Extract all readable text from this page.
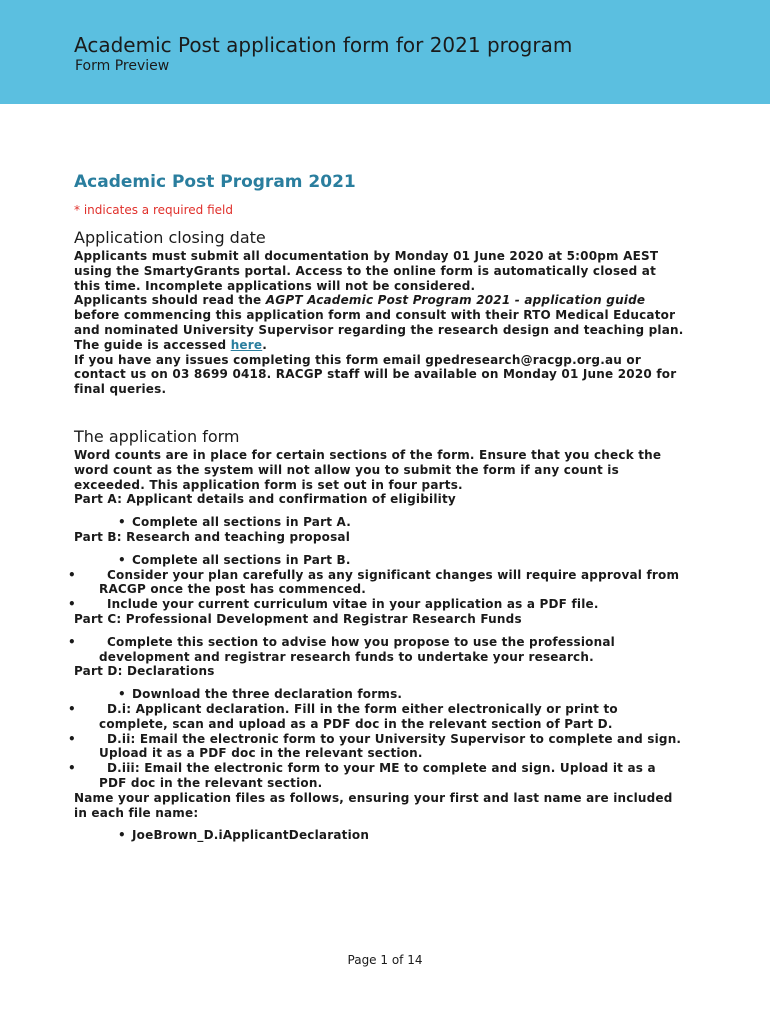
Academic Post application form for 2021 program
Form Preview
Academic Post Program 2021
* indicates a required field
Application closing date

Applicants must submit all documentation by Monday 01 June 2020 at 5:00pm AEST using the SmartyGrants portal. Access to the online form is automatically closed at this time. Incomplete applications will not be considered.

Applicants should read the AGPT Academic Post Program 2021 - application guide before commencing this application form and consult with their RTO Medical Educator and nominated University Supervisor regarding the research design and teaching plan. The guide is accessed here.

If you have any issues completing this form email gpedresearch@racgp.org.au or contact us on 03 8699 0418. RACGP staff will be available on Monday 01 June 2020 for final queries.

The application form

Word counts are in place for certain sections of the form. Ensure that you check the word count as the system will not allow you to submit the form if any count is exceeded. This application form is set out in four parts.

Part A: Applicant details and confirmation of eligibility

• Complete all sections in Part A.

Part B: Research and teaching proposal

• Complete all sections in Part B.
•	Consider your plan carefully as any significant changes will require approval from RACGP once the post has commenced.
•	Include your current curriculum vitae in your application as a PDF file.

Part C: Professional Development and Registrar Research Funds

•	Complete this section to advise how you propose to use the professional development and registrar research funds to undertake your research.

Part D: Declarations

• Download the three declaration forms.
•	D.i: Applicant declaration. Fill in the form either electronically or print to complete, scan and upload as a PDF doc in the relevant section of Part D.
•	D.ii: Email the electronic form to your University Supervisor to complete and sign. Upload it as a PDF doc in the relevant section.
•	D.iii: Email the electronic form to your ME to complete and sign. Upload it as a PDF doc in the relevant section.

Name your application files as follows, ensuring your first and last name are included in each file name:

• JoeBrown_D.iApplicantDeclaration
Page 1 of 14
